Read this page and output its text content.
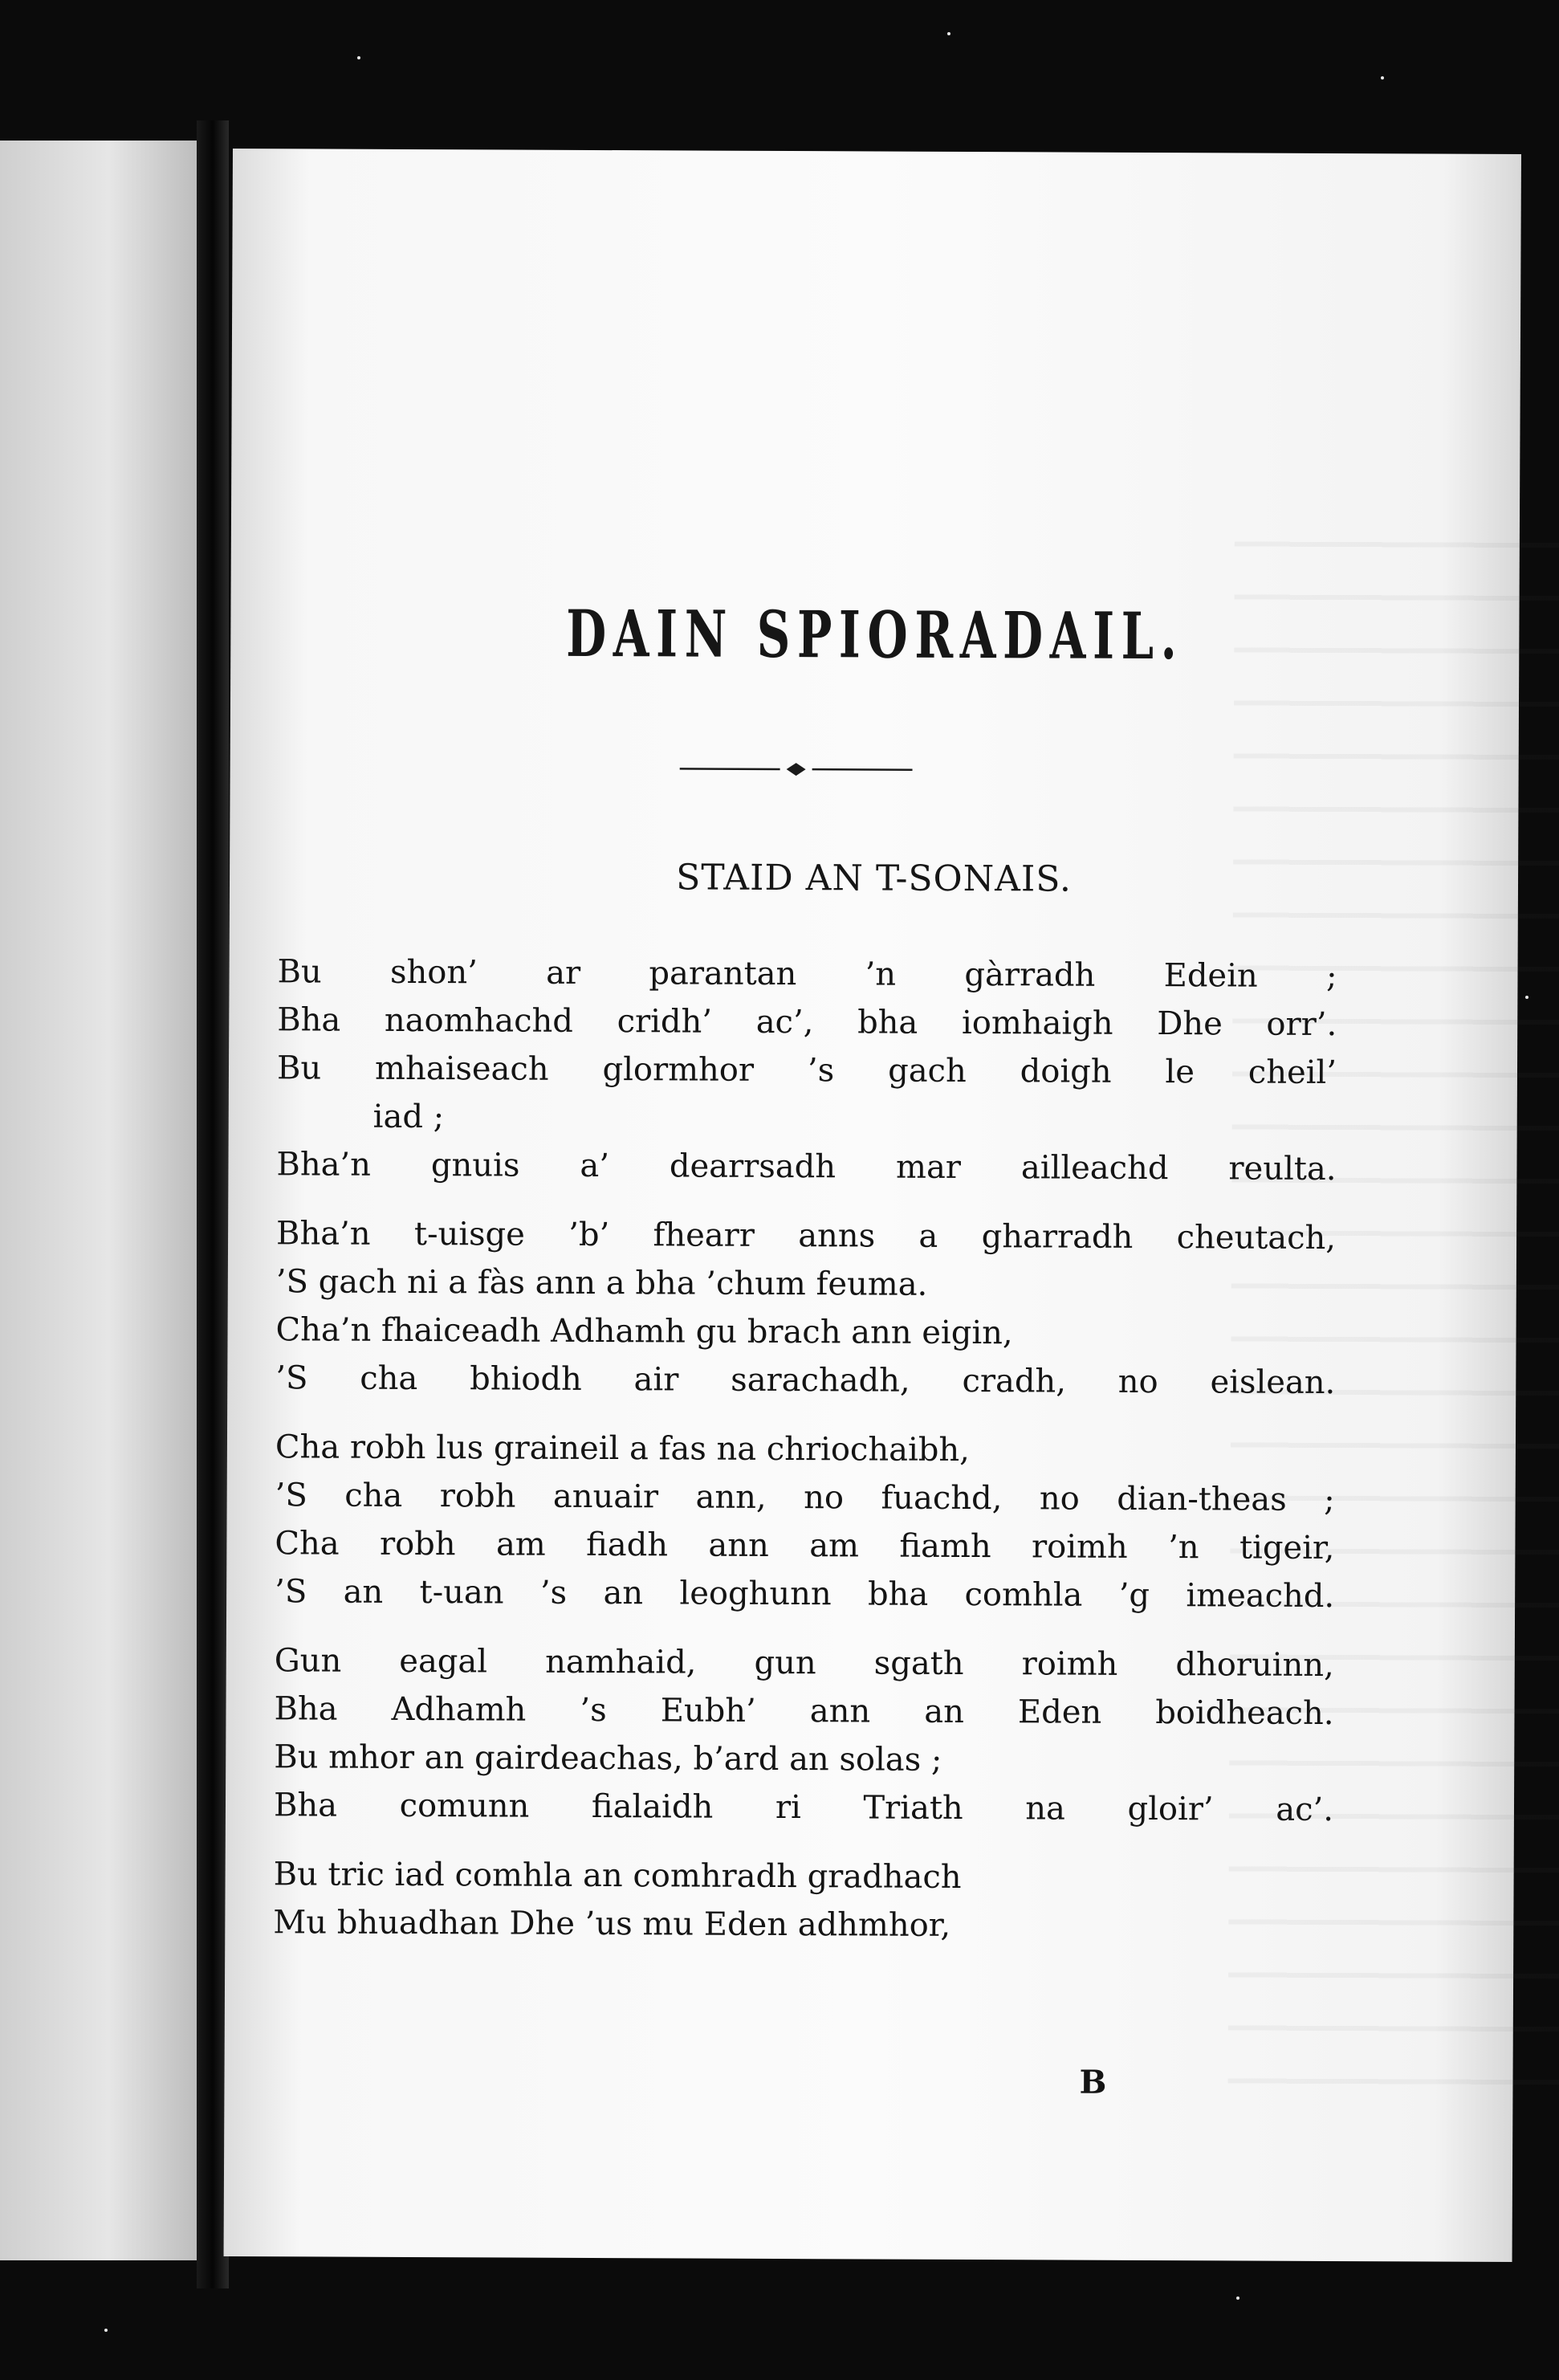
DAIN SPIORADAIL.
STAID AN T-SONAIS.

Bu shon’ ar parantan ’n gàrradh Edein ;

Bha naomhachd cridh’ ac’, bha iomhaigh Dhe orr’.

Bu mhaiseach glormhor ’s gach doigh le cheil’

iad ;

Bha’n gnuis a’ dearrsadh mar ailleachd reulta.

Bha’n t-uisge ’b’ fhearr anns a gharradh cheutach,

’S gach ni a fàs ann a bha ’chum feuma.

Cha’n fhaiceadh Adhamh gu brach ann eigin,

’S cha bhiodh air sarachadh, cradh, no eislean.

Cha robh lus graineil a fas na chriochaibh,

’S cha robh anuair ann, no fuachd, no dian-theas ;

Cha robh am fiadh ann am fiamh roimh ’n tigeir,

’S an t-uan ’s an leoghunn bha comhla ’g imeachd.

Gun eagal namhaid, gun sgath roimh dhoruinn,

Bha Adhamh ’s Eubh’ ann an Eden boidheach.

Bu mhor an gairdeachas, b’ard an solas ;

Bha comunn fialaidh ri Triath na gloir’ ac’.

Bu tric iad comhla an comhradh gradhach

Mu bhuadhan Dhe ’us mu Eden adhmhor,

B
